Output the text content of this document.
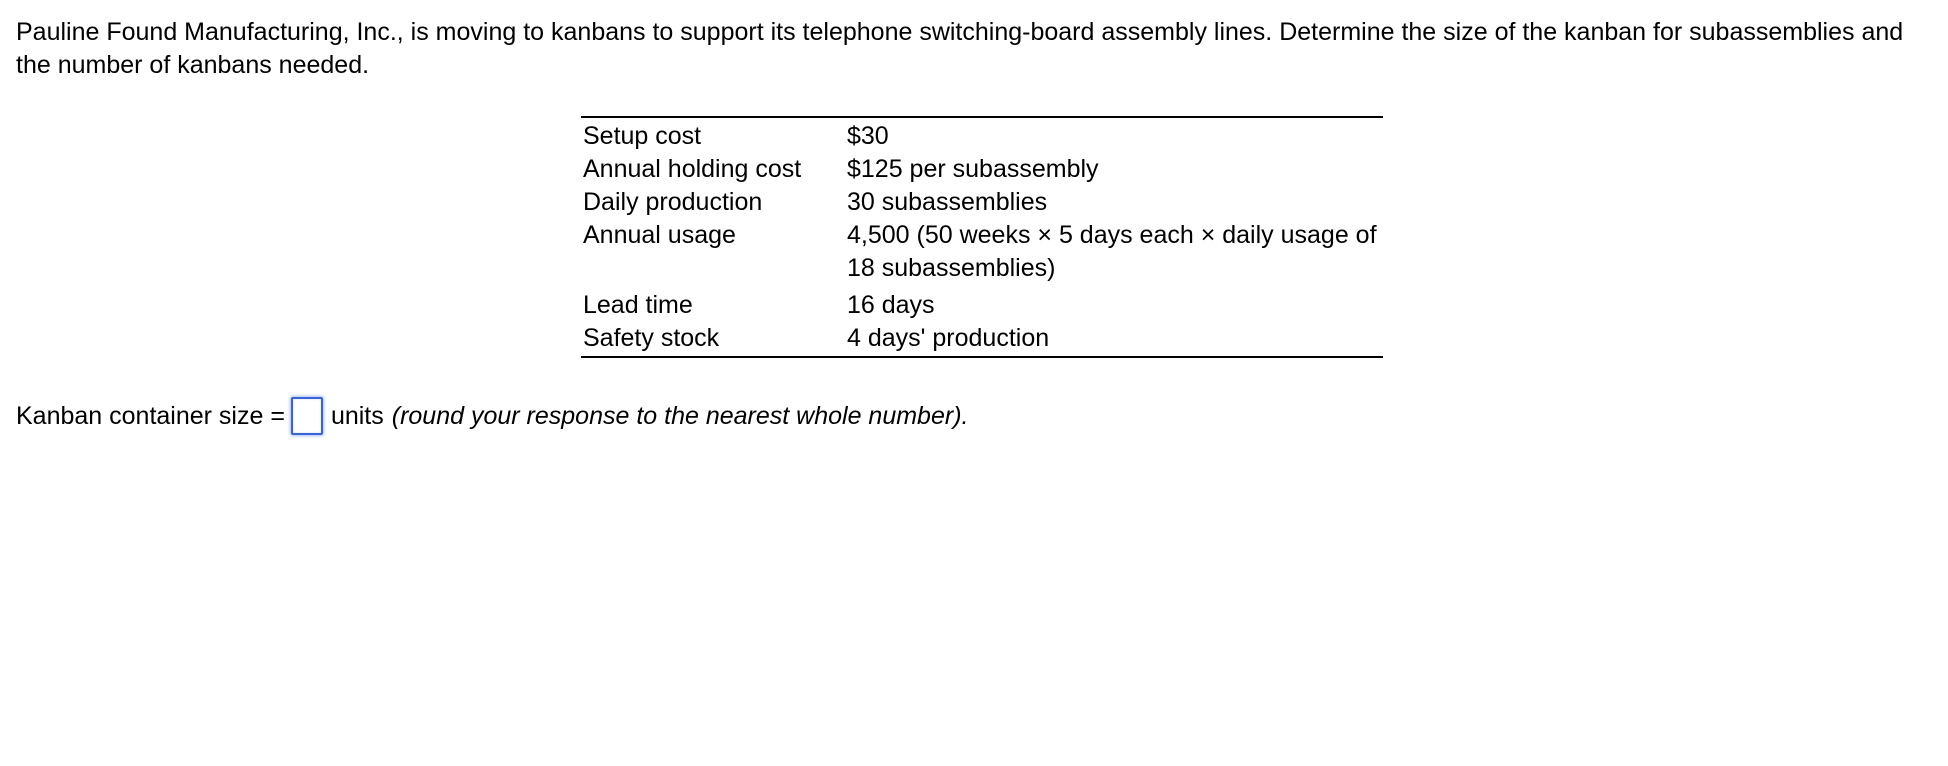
Pauline Found Manufacturing, Inc., is moving to kanbans to support its telephone switching-board assembly lines. Determine the size of the kanban for subassemblies and the number of kanbans needed.

Setup cost	$30
Annual holding cost	$125 per subassembly
Daily production	30 subassemblies
Annual usage	4,500 (50 weeks × 5 days each × daily usage of 18 subassemblies)
Lead time	16 days
Safety stock	4 days' production
Kanban container size = units (round your response to the nearest whole number).
